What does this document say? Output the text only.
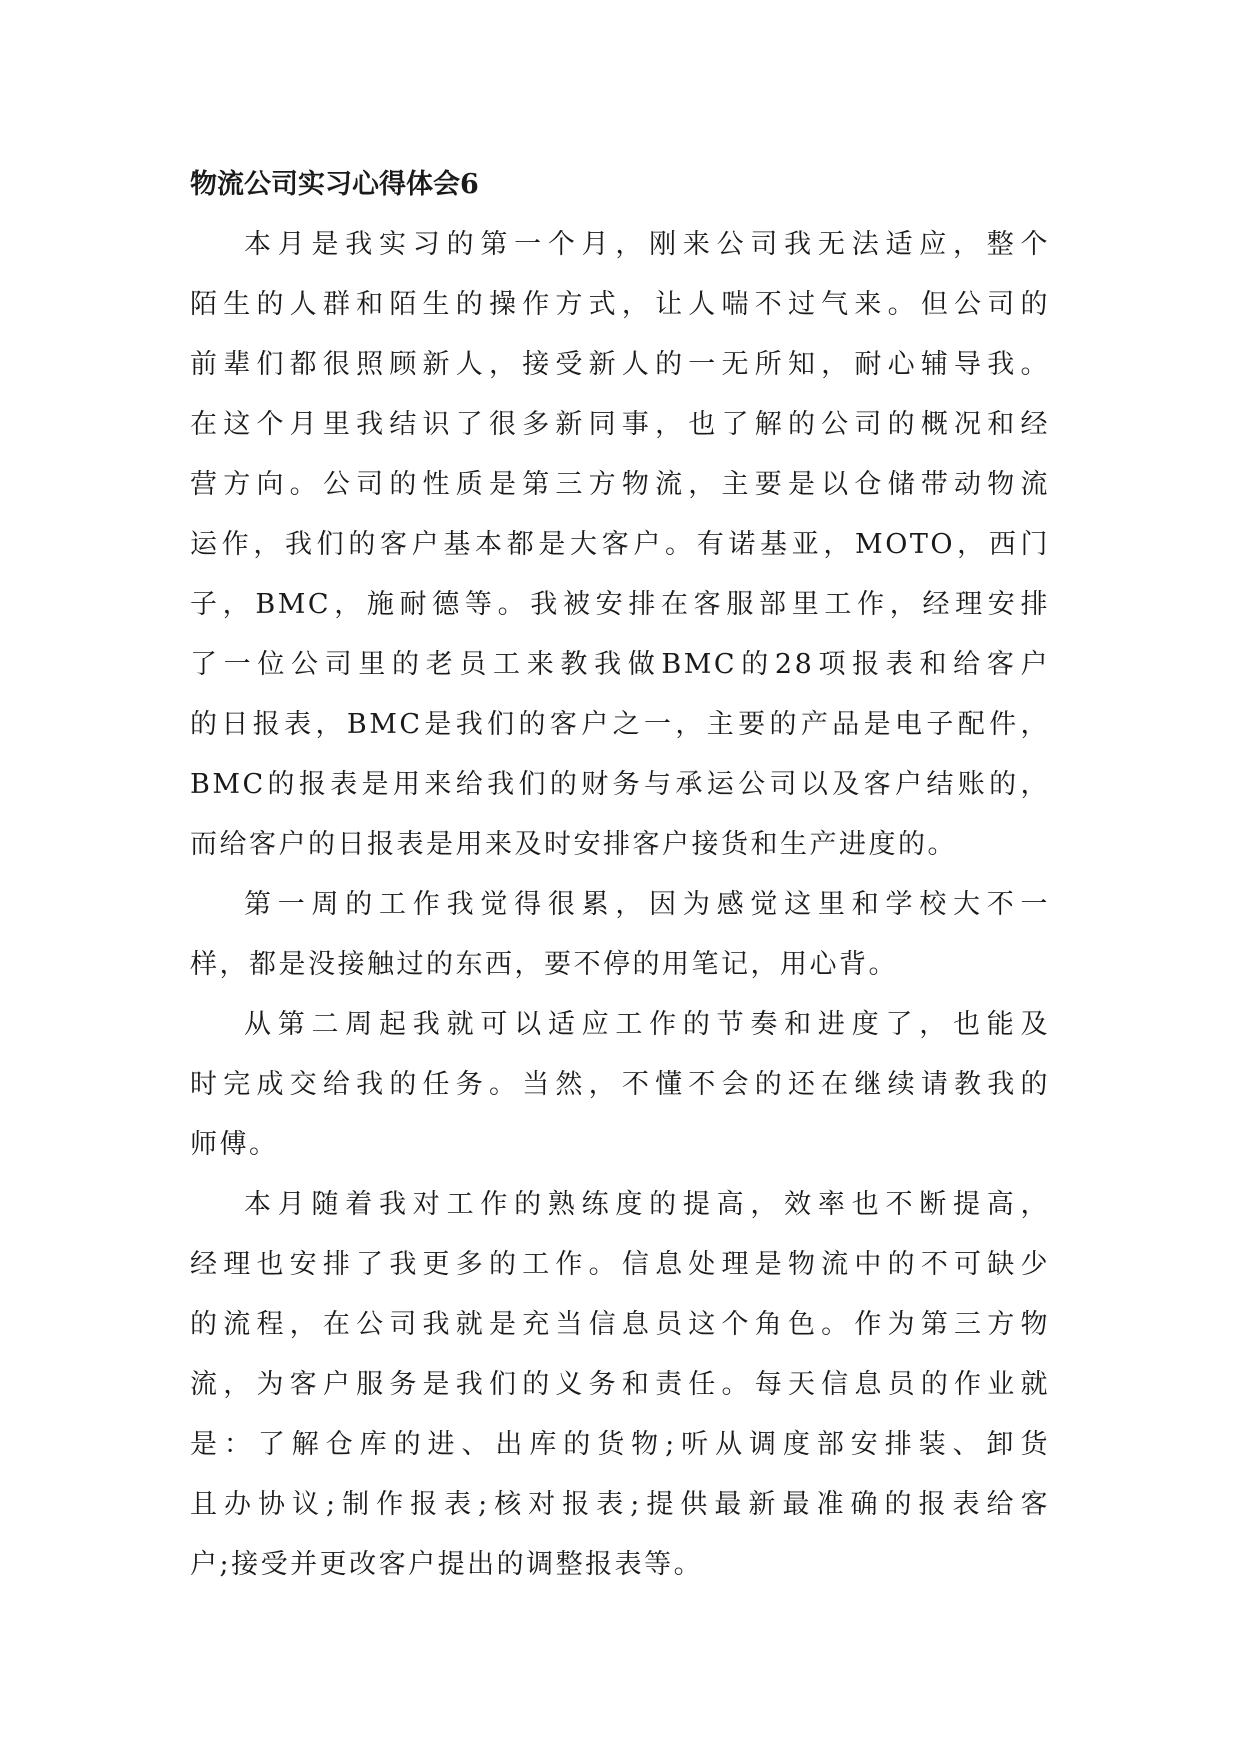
物流公司实习心得体会6

本月是我实习的第一个月，刚来公司我无法适应，整个
陌生的人群和陌生的操作方式，让人喘不过气来。但公司的
前辈们都很照顾新人，接受新人的一无所知，耐心辅导我。
在这个月里我结识了很多新同事，也了解的公司的概况和经
营方向。公司的性质是第三方物流，主要是以仓储带动物流
运作，我们的客户基本都是大客户。有诺基亚，MOTO，西门
子，BMC，施耐德等。我被安排在客服部里工作，经理安排
了一位公司里的老员工来教我做BMC的28项报表和给客户
的日报表，BMC是我们的客户之一，主要的产品是电子配件，
BMC的报表是用来给我们的财务与承运公司以及客户结账的，
而给客户的日报表是用来及时安排客户接货和生产进度的。

第一周的工作我觉得很累，因为感觉这里和学校大不一
样，都是没接触过的东西，要不停的用笔记，用心背。

从第二周起我就可以适应工作的节奏和进度了，也能及
时完成交给我的任务。当然，不懂不会的还在继续请教我的
师傅。

本月随着我对工作的熟练度的提高，效率也不断提高，
经理也安排了我更多的工作。信息处理是物流中的不可缺少
的流程，在公司我就是充当信息员这个角色。作为第三方物
流，为客户服务是我们的义务和责任。每天信息员的作业就
是：了解仓库的进、出库的货物;听从调度部安排装、卸货
且办协议;制作报表;核对报表;提供最新最准确的报表给客
户;接受并更改客户提出的调整报表等。
